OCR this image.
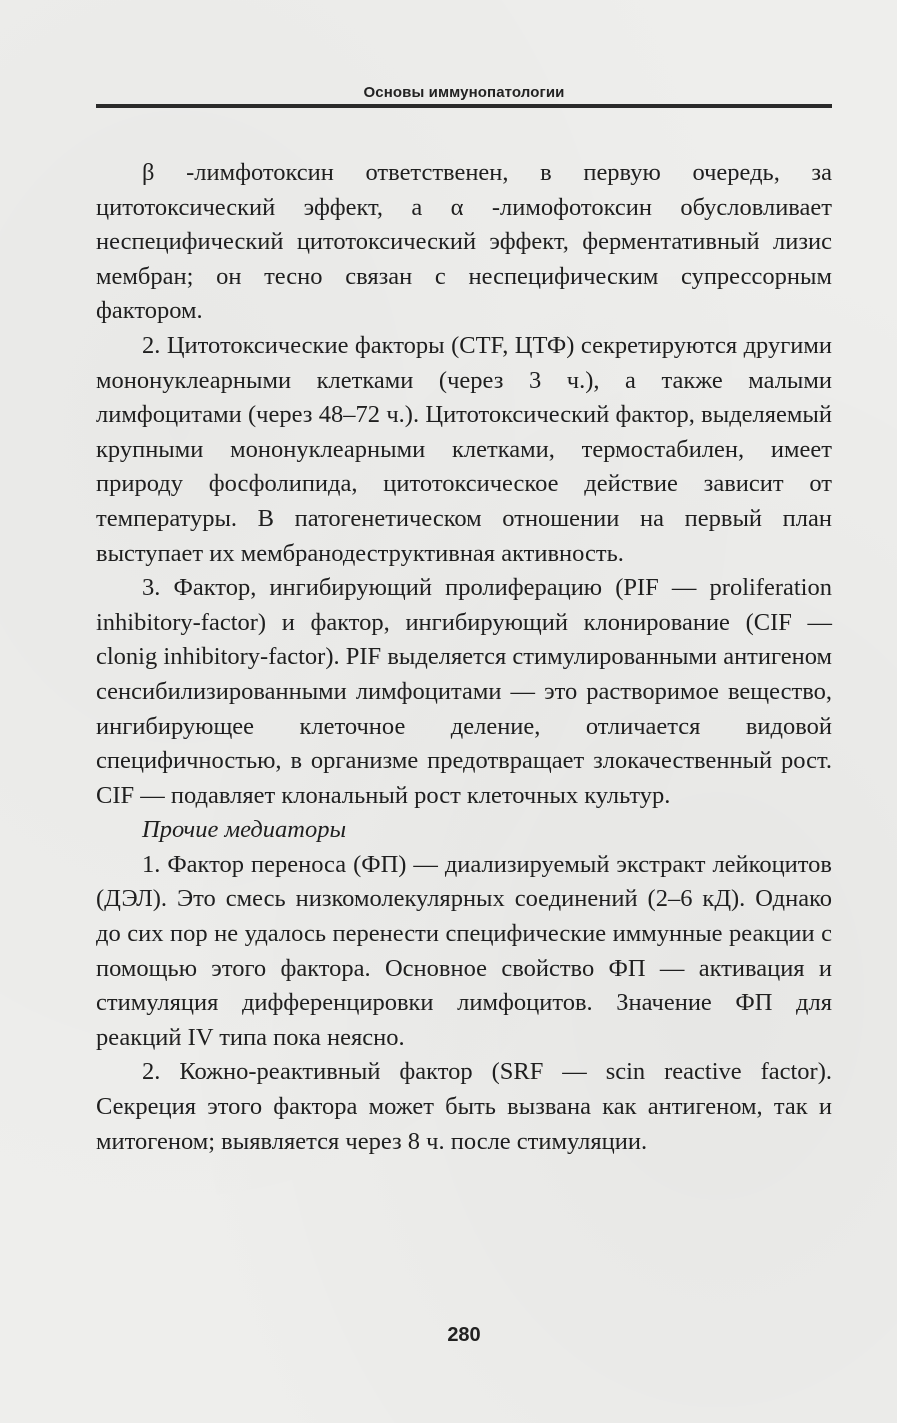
Основы иммунопатологии

β -лимфотоксин ответственен, в первую очередь, за цитотоксический эффект, а α -лимофотоксин обусловливает неспецифический цитотоксический эффект, ферментативный лизис мембран; он тесно связан с неспецифическим супрессорным фактором.

2. Цитотоксические факторы (CTF, ЦТФ) секретируются другими мононуклеарными клетками (через 3 ч.), а также малыми лимфоцитами (через 48–72 ч.). Цитотоксический фактор, выделяемый крупными мононуклеарными клетками, термостабилен, имеет природу фосфолипида, цитотоксическое действие зависит от температуры. В патогенетическом отношении на первый план выступает их мембранодеструктивная активность.

3. Фактор, ингибирующий пролиферацию (PIF — proliferation inhibitory-factor) и фактор, ингибирующий клонирование (CIF — clonig inhibitory-factor). PIF выделяется стимулированными антигеном сенсибилизированными лимфоцитами — это растворимое вещество, ингибирующее клеточное деление, отличается видовой специфичностью, в организме предотвращает злокачественный рост. CIF — подавляет клональный рост клеточных культур.

Прочие медиаторы

1. Фактор переноса (ФП) — диализируемый экстракт лейкоцитов (ДЭЛ). Это смесь низкомолекулярных соединений (2–6 кД). Однако до сих пор не удалось перенести специфические иммунные реакции с помощью этого фактора. Основное свойство ФП — активация и стимуляция дифференцировки лимфоцитов. Значение ФП для реакций IV типа пока неясно.

2. Кожно-реактивный фактор (SRF — scin reactive factor). Секреция этого фактора может быть вызвана как антигеном, так и митогеном; выявляется через 8 ч. после стимуляции.

280
